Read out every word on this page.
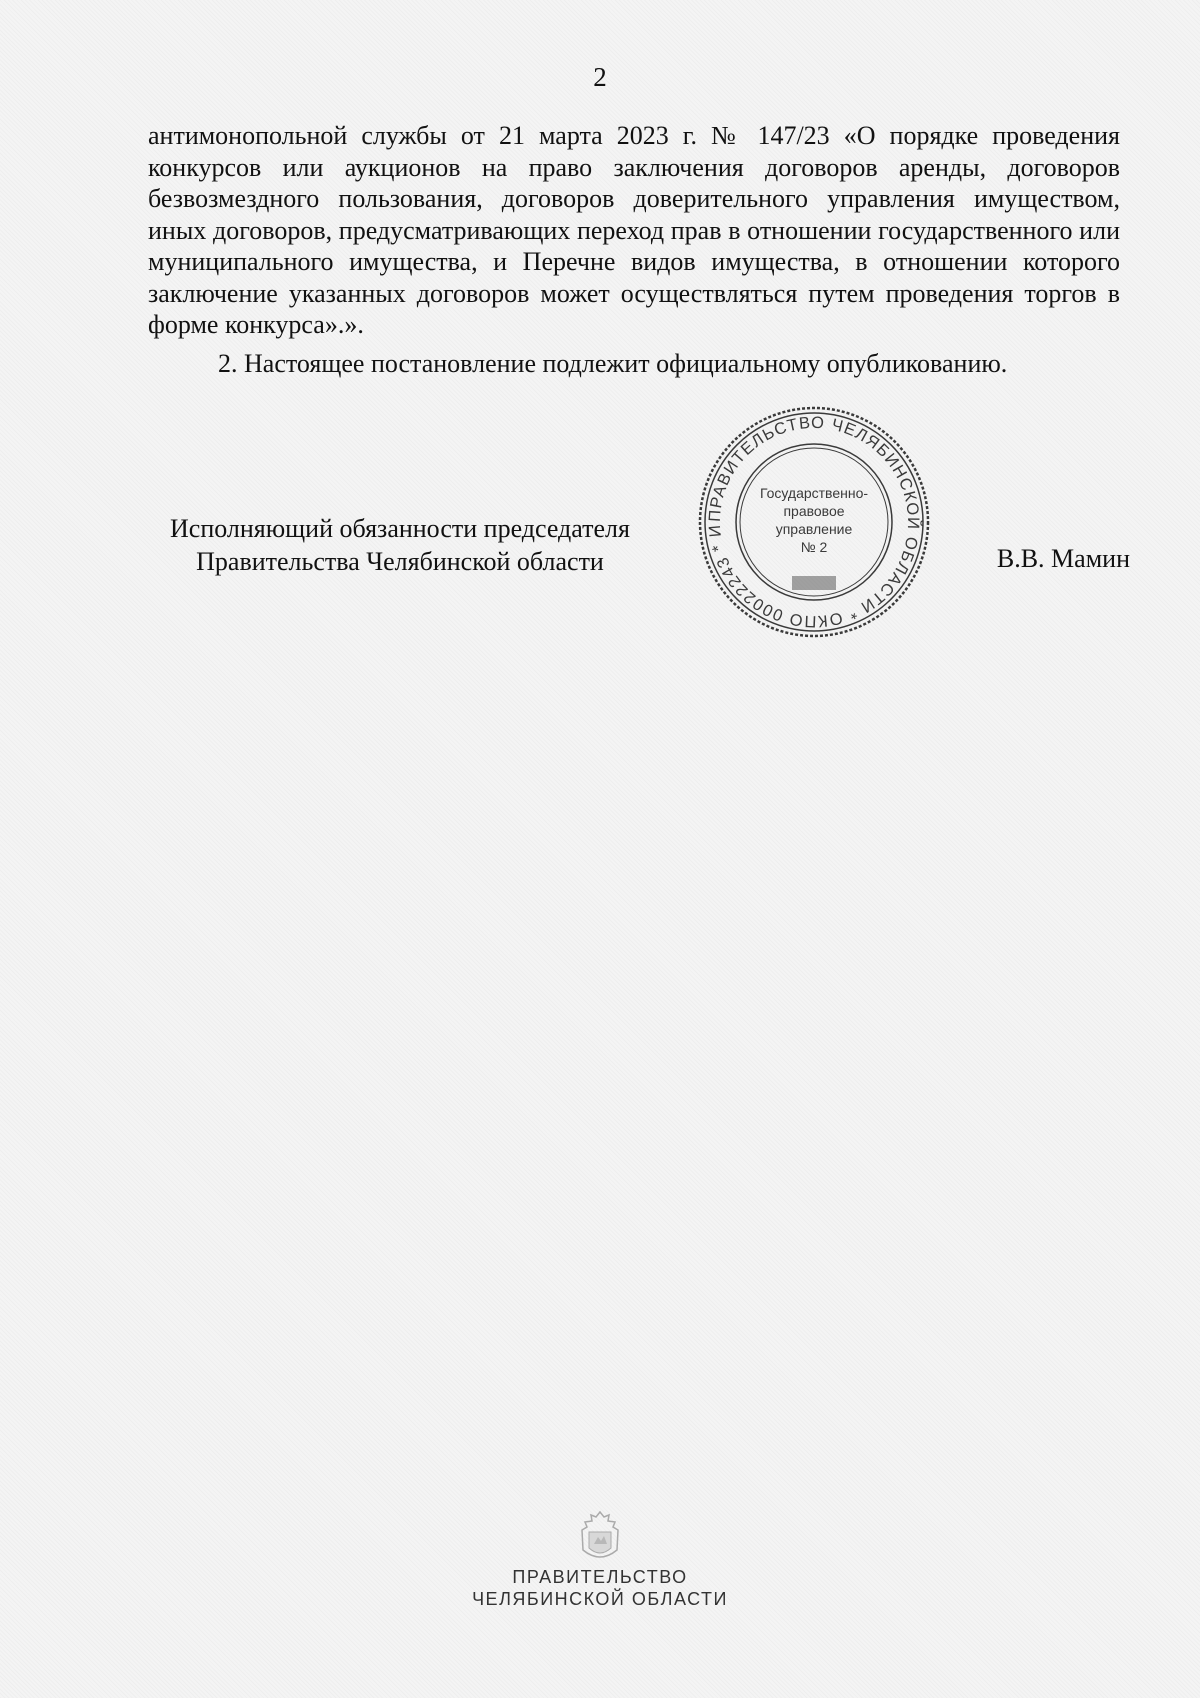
2

антимонопольной службы от 21 марта 2023 г. № 147/23 «О порядке проведения конкурсов или аукционов на право заключения договоров аренды, договоров безвозмездного пользования, договоров доверительного управления имуществом, иных договоров, предусматривающих переход прав в отношении государственного или муниципального имущества, и Перечне видов имущества, в отношении которого заключение указанных договоров может осуществляться путем проведения торгов в форме конкурса».».

2. Настоящее постановление подлежит официальному опубликованию.

Исполняющий обязанности председателя
Правительства Челябинской области
ПРАВИТЕЛЬСТВО ЧЕЛЯБИНСКОЙ ОБЛАСТИ * ОКПО 00022243 * И
Государственно-
правовое
управление
№ 2	В.В. Мамин
ПРАВИТЕЛЬСТВО
ЧЕЛЯБИНСКОЙ ОБЛАСТИ
